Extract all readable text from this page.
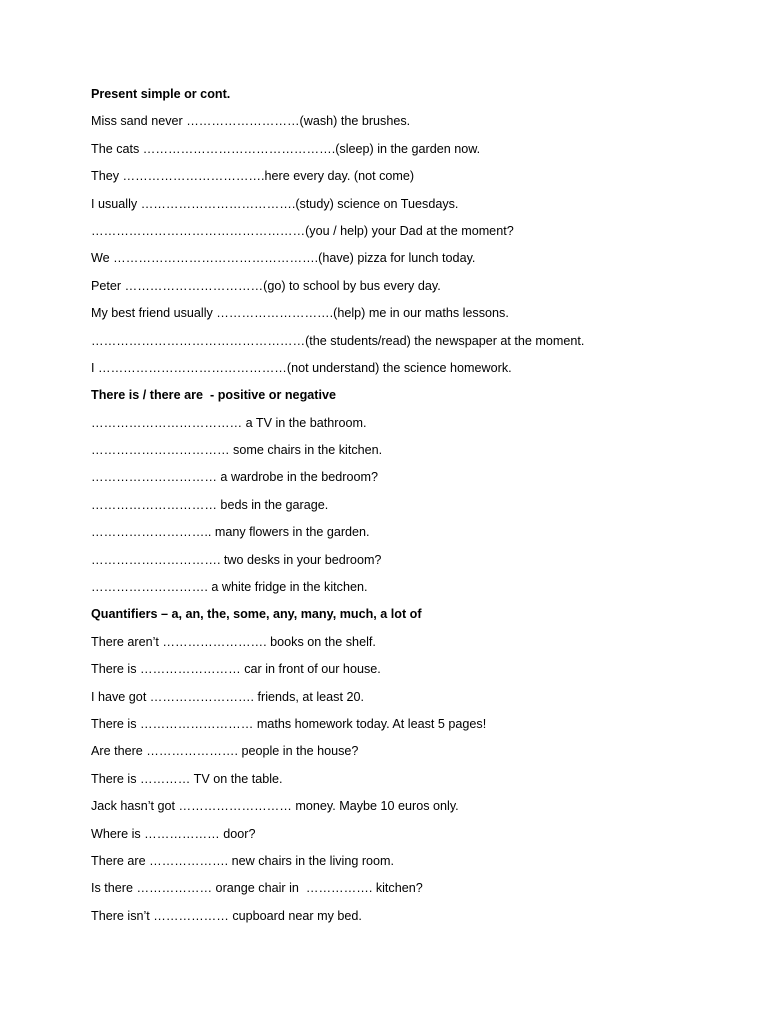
Present simple or cont.
Miss sand never ………………………(wash) the brushes.
The cats ……………………………………….(sleep) in the garden now.
They …………………………….here every day. (not come)
I usually ……………………………….(study) science on Tuesdays.
……………………………………………(you / help) your Dad at the moment?
We ………………………………………….(have) pizza for lunch today.
Peter ……………………………(go) to school by bus every day.
My best friend usually ……………………….(help) me in our maths lessons.
……………………………………………(the students/read) the newspaper at the moment.
I ………………………………………(not understand) the science homework.
There is / there are  - positive or negative
……………………………… a TV in the bathroom.
…………………………… some chairs in the kitchen.
………………………… a wardrobe in the bedroom?
………………………… beds in the garage.
……………………….. many flowers in the garden.
…………………………. two desks in your bedroom?
………………………. a white fridge in the kitchen.
Quantifiers – a, an, the, some, any, many, much, a lot of
There aren’t ……………………. books on the shelf.
There is …………………… car in front of our house.
I have got ……………………. friends, at least 20.
There is ……………………… maths homework today. At least 5 pages!
Are there …………………. people in the house?
There is ………… TV on the table.
Jack hasn’t got ……………………… money. Maybe 10 euros only.
Where is ……………… door?
There are ………………. new chairs in the living room.
Is there ……………… orange chair in  ……………. kitchen?
There isn’t ……………… cupboard near my bed.
